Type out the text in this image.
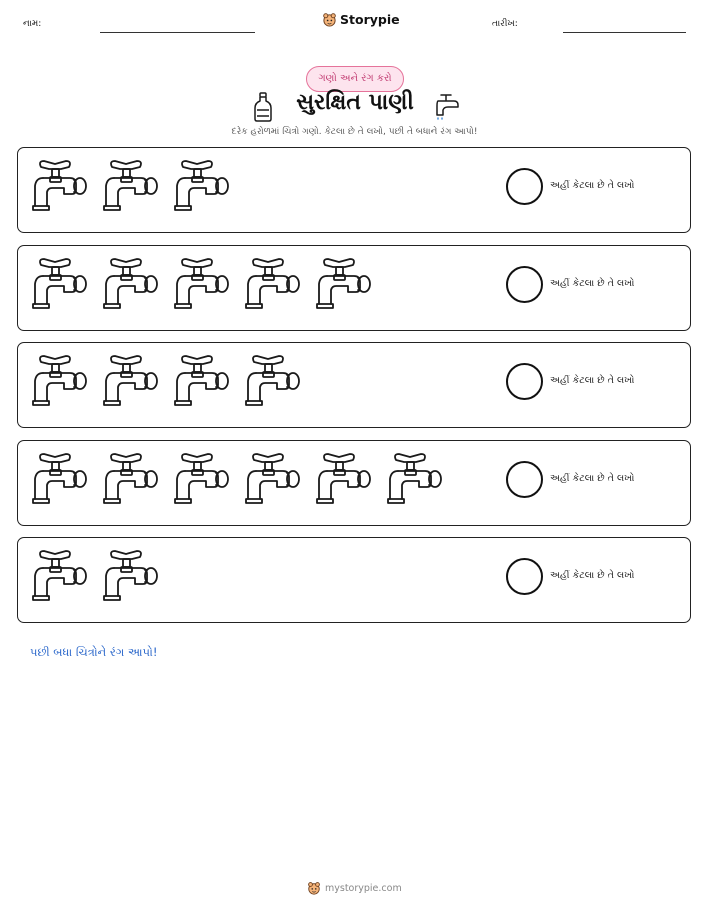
નામ:	Storypie	તારીખ:
ગણો અને રંગ કરો
સુરક્ષિત પાણી
દરેક હરોળમાં ચિત્રો ગણો. કેટલા છે તે લખો, પછી તે બધાને રંગ આપો!
અહીં કેટલા છે તે લખો
અહીં કેટલા છે તે લખો
અહીં કેટલા છે તે લખો
અહીં કેટલા છે તે લખો
અહીં કેટલા છે તે લખો
પછી બધા ચિત્રોને રંગ આપો!
mystorypie.com
